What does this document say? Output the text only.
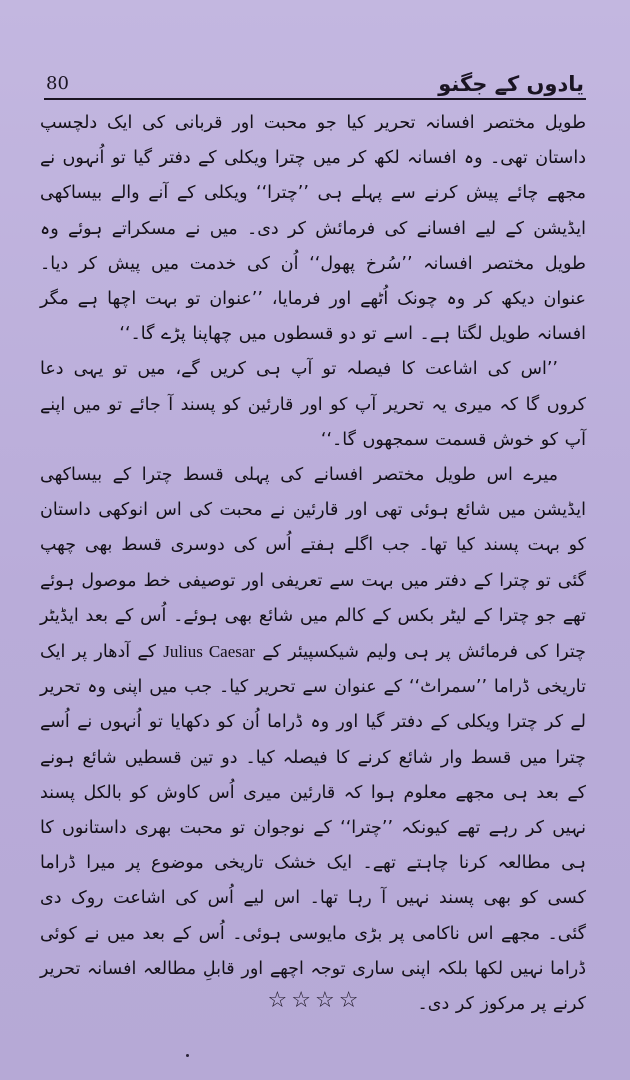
80	یادوں کے جگنو

طویل مختصر افسانہ تحریر کیا جو محبت اور قربانی کی ایک دلچسپ داستان تھی۔ وہ افسانہ لکھ کر میں چترا ویکلی کے دفتر گیا تو اُنہوں نے مجھے چائے پیش کرنے سے پہلے ہی ’’چترا‘‘ ویکلی کے آنے والے بیساکھی ایڈیشن کے لیے افسانے کی فرمائش کر دی۔ میں نے مسکراتے ہوئے وہ طویل مختصر افسانہ ’’سُرخ پھول‘‘ اُن کی خدمت میں پیش کر دیا۔ عنوان دیکھ کر وہ چونک اُٹھے اور فرمایا، ’’عنوان تو بہت اچھا ہے مگر افسانہ طویل لگتا ہے۔ اسے تو دو قسطوں میں چھاپنا پڑے گا۔‘‘

’’اس کی اشاعت کا فیصلہ تو آپ ہی کریں گے، میں تو یہی دعا کروں گا کہ میری یہ تحریر آپ کو اور قارئین کو پسند آ جائے تو میں اپنے آپ کو خوش قسمت سمجھوں گا۔‘‘

میرے اس طویل مختصر افسانے کی پہلی قسط چترا کے بیساکھی ایڈیشن میں شائع ہوئی تھی اور قارئین نے محبت کی اس انوکھی داستان کو بہت پسند کیا تھا۔ جب اگلے ہفتے اُس کی دوسری قسط بھی چھپ گئی تو چترا کے دفتر میں بہت سے تعریفی اور توصیفی خط موصول ہوئے تھے جو چترا کے لیٹر بکس کے کالم میں شائع بھی ہوئے۔ اُس کے بعد ایڈیٹر چترا کی فرمائش پر ہی ولیم شیکسپیئر کے Julius Caesar کے آدھار پر ایک تاریخی ڈراما ’’سمراٹ‘‘ کے عنوان سے تحریر کیا۔ جب میں اپنی وہ تحریر لے کر چترا ویکلی کے دفتر گیا اور وہ ڈراما اُن کو دکھایا تو اُنہوں نے اُسے چترا میں قسط وار شائع کرنے کا فیصلہ کیا۔ دو تین قسطیں شائع ہونے کے بعد ہی مجھے معلوم ہوا کہ قارئین میری اُس کاوش کو بالکل پسند نہیں کر رہے تھے کیونکہ ’’چترا‘‘ کے نوجوان تو محبت بھری داستانوں کا ہی مطالعہ کرنا چاہتے تھے۔ ایک خشک تاریخی موضوع پر میرا ڈراما کسی کو بھی پسند نہیں آ رہا تھا۔ اس لیے اُس کی اشاعت روک دی گئی۔ مجھے اس ناکامی پر بڑی مایوسی ہوئی۔ اُس کے بعد میں نے کوئی ڈراما نہیں لکھا بلکہ اپنی ساری توجہ اچھے اور قابلِ مطالعہ افسانہ تحریر کرنے پر مرکوز کر دی۔

☆☆☆☆
